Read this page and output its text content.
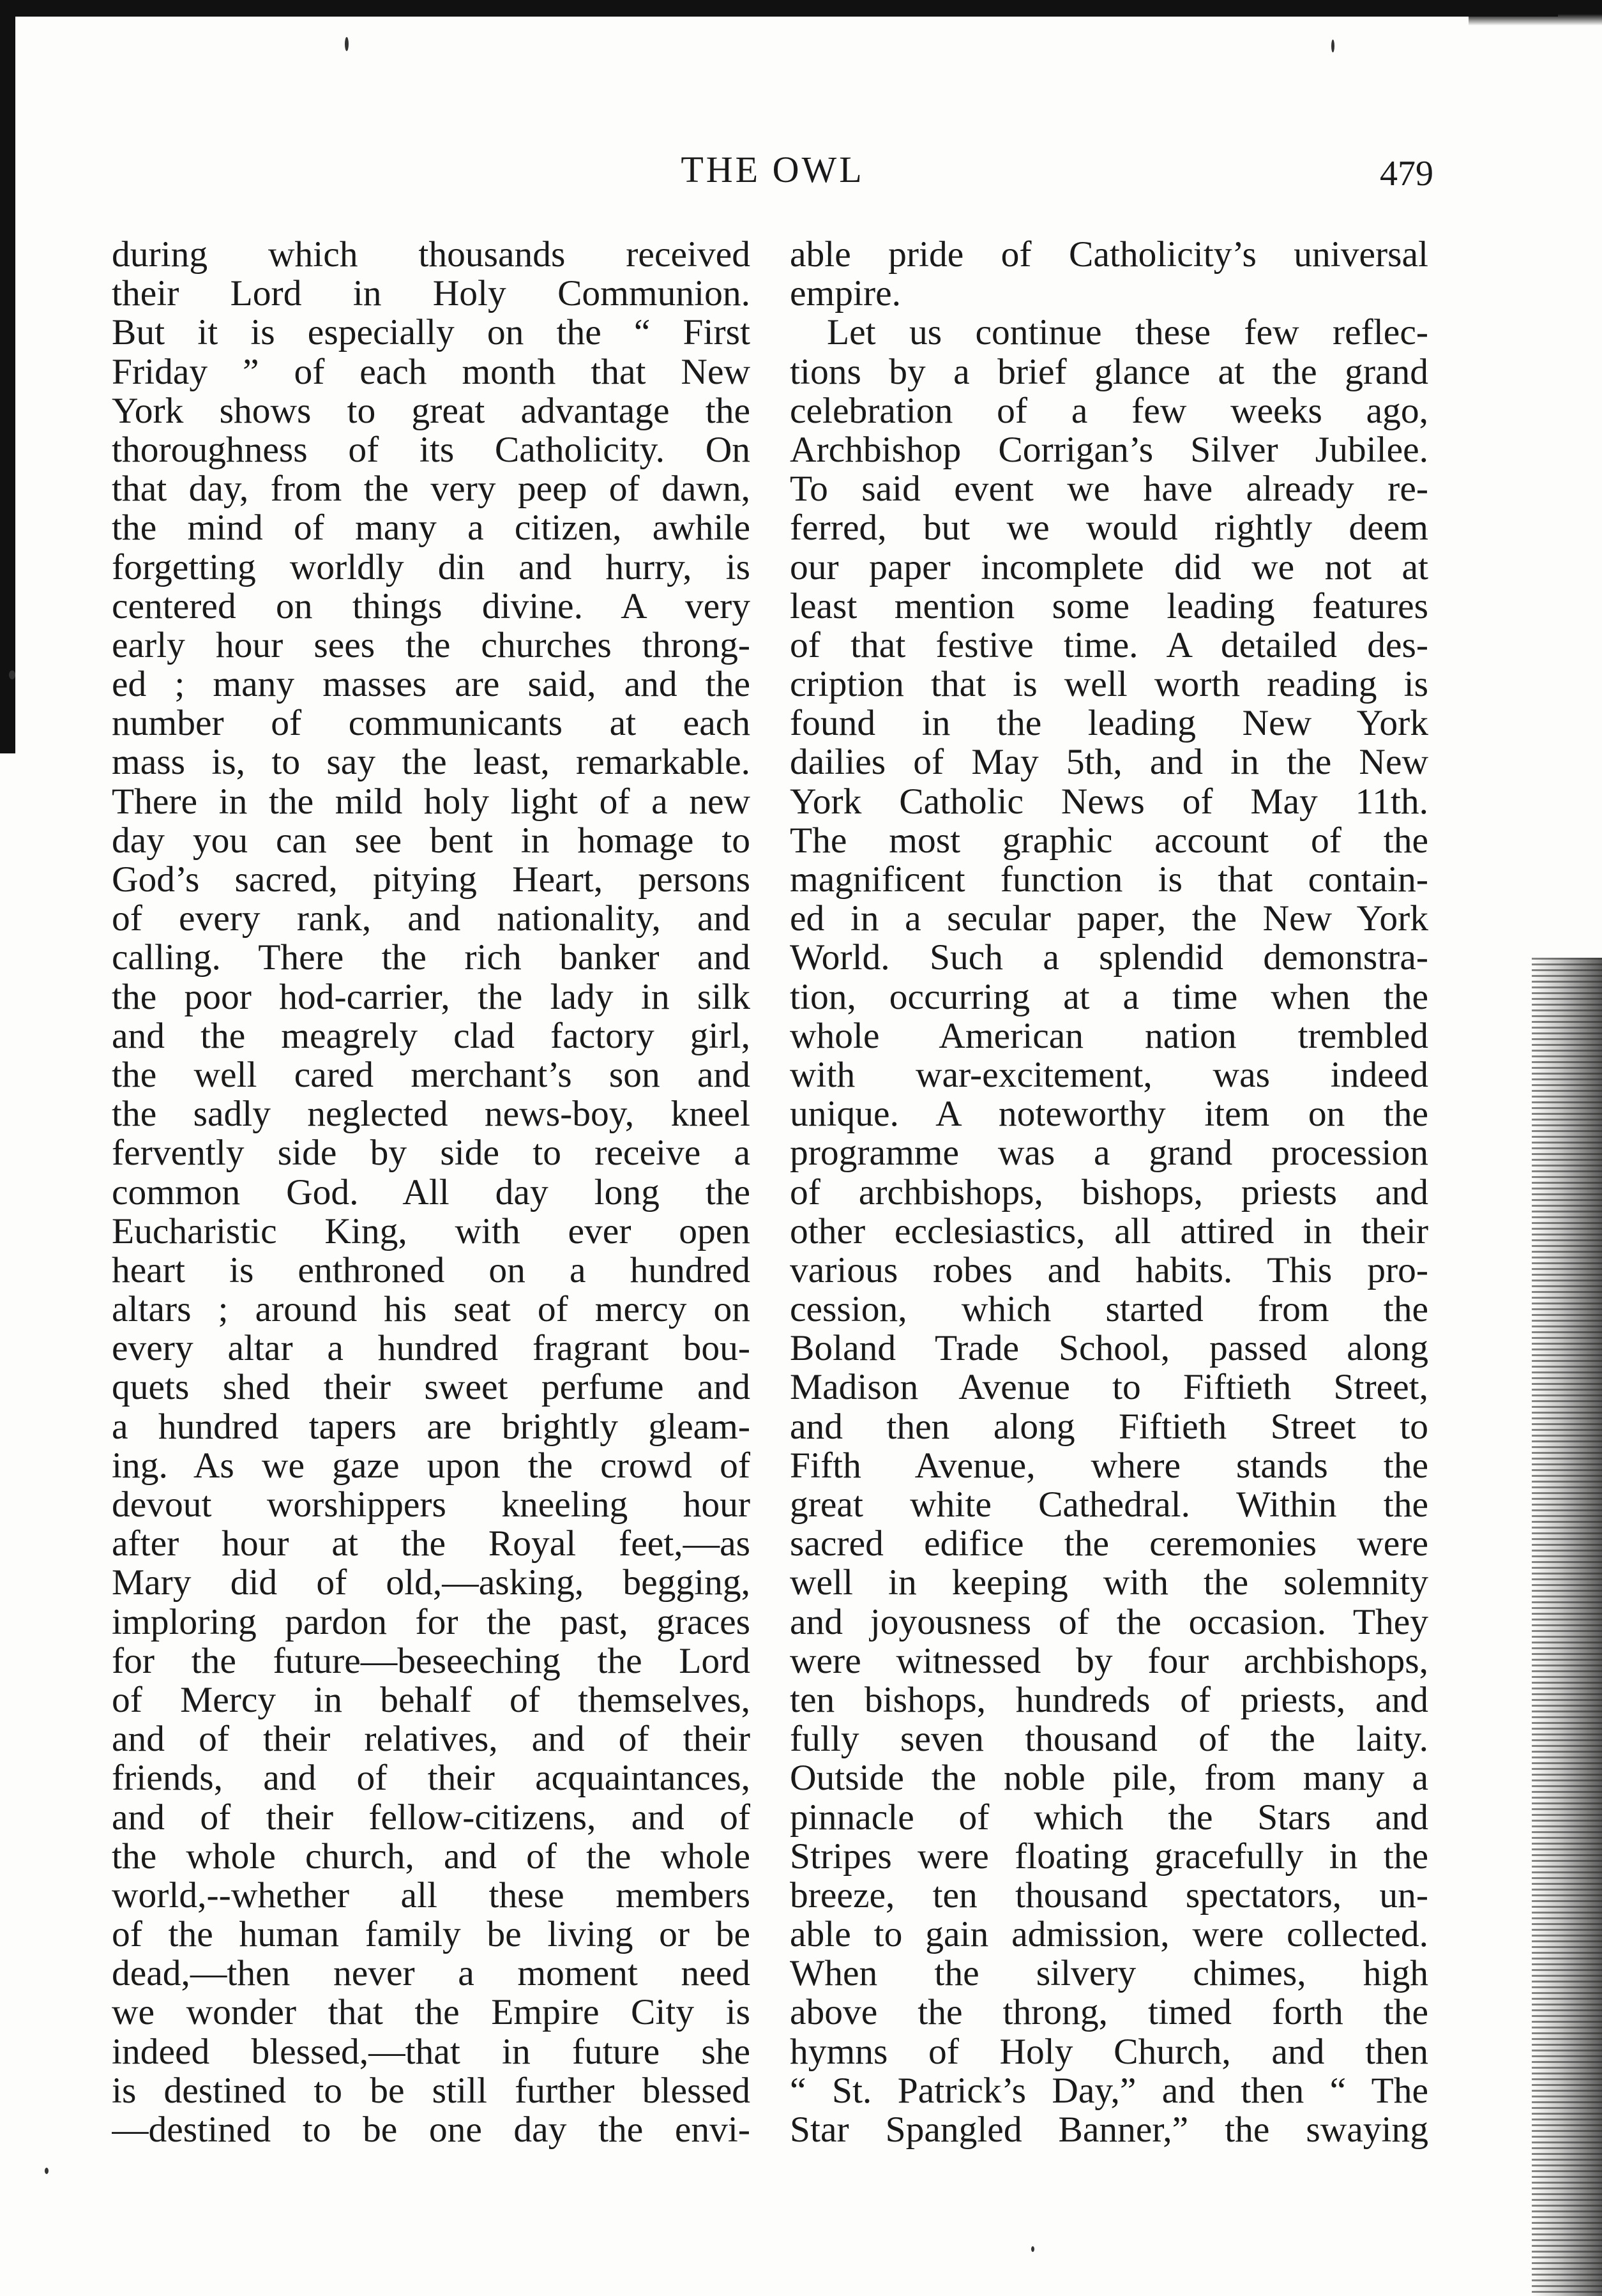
THE OWL	479
during which thousands received
their Lord in Holy Communion.
But it is especially on the “ First
Friday ” of each month that New
York shows to great advantage the
thoroughness of its Catholicity. On
that day, from the very peep of dawn,
the mind of many a citizen, awhile
forgetting worldly din and hurry, is
centered on things divine. A very
early hour sees the churches throng-
ed ; many masses are said, and the
number of communicants at each
mass is, to say the least, remarkable.
There in the mild holy light of a new
day you can see bent in homage to
God’s sacred, pitying Heart, persons
of every rank, and nationality, and
calling. There the rich banker and
the poor hod-carrier, the lady in silk
and the meagrely clad factory girl,
the well cared merchant’s son and
the sadly neglected news-boy, kneel
fervently side by side to receive a
common God. All day long the
Eucharistic King, with ever open
heart is enthroned on a hundred
altars ; around his seat of mercy on
every altar a hundred fragrant bou-
quets shed their sweet perfume and
a hundred tapers are brightly gleam-
ing. As we gaze upon the crowd of
devout worshippers kneeling hour
after hour at the Royal feet,—as
Mary did of old,—asking, begging,
imploring pardon for the past, graces
for the future—beseeching the Lord
of Mercy in behalf of themselves,
and of their relatives, and of their
friends, and of their acquaintances,
and of their fellow-citizens, and of
the whole church, and of the whole
world,--whether all these members
of the human family be living or be
dead,—then never a moment need
we wonder that the Empire City is
indeed blessed,—that in future she
is destined to be still further blessed
—destined to be one day the envi-
able pride of Catholicity’s universal
empire.
Let us continue these few reflec-
tions by a brief glance at the grand
celebration of a few weeks ago,
Archbishop Corrigan’s Silver Jubilee.
To said event we have already re-
ferred, but we would rightly deem
our paper incomplete did we not at
least mention some leading features
of that festive time. A detailed des-
cription that is well worth reading is
found in the leading New York
dailies of May 5th, and in the New
York Catholic News of May 11th.
The most graphic account of the
magnificent function is that contain-
ed in a secular paper, the New York
World. Such a splendid demonstra-
tion, occurring at a time when the
whole American nation trembled
with war-excitement, was indeed
unique. A noteworthy item on the
programme was a grand procession
of archbishops, bishops, priests and
other ecclesiastics, all attired in their
various robes and habits. This pro-
cession, which started from the
Boland Trade School, passed along
Madison Avenue to Fiftieth Street,
and then along Fiftieth Street to
Fifth Avenue, where stands the
great white Cathedral. Within the
sacred edifice the ceremonies were
well in keeping with the solemnity
and joyousness of the occasion. They
were witnessed by four archbishops,
ten bishops, hundreds of priests, and
fully seven thousand of the laity.
Outside the noble pile, from many a
pinnacle of which the Stars and
Stripes were floating gracefully in the
breeze, ten thousand spectators, un-
able to gain admission, were collected.
When the silvery chimes, high
above the throng, timed forth the
hymns of Holy Church, and then
“ St. Patrick’s Day,” and then “ The
Star Spangled Banner,” the swaying
